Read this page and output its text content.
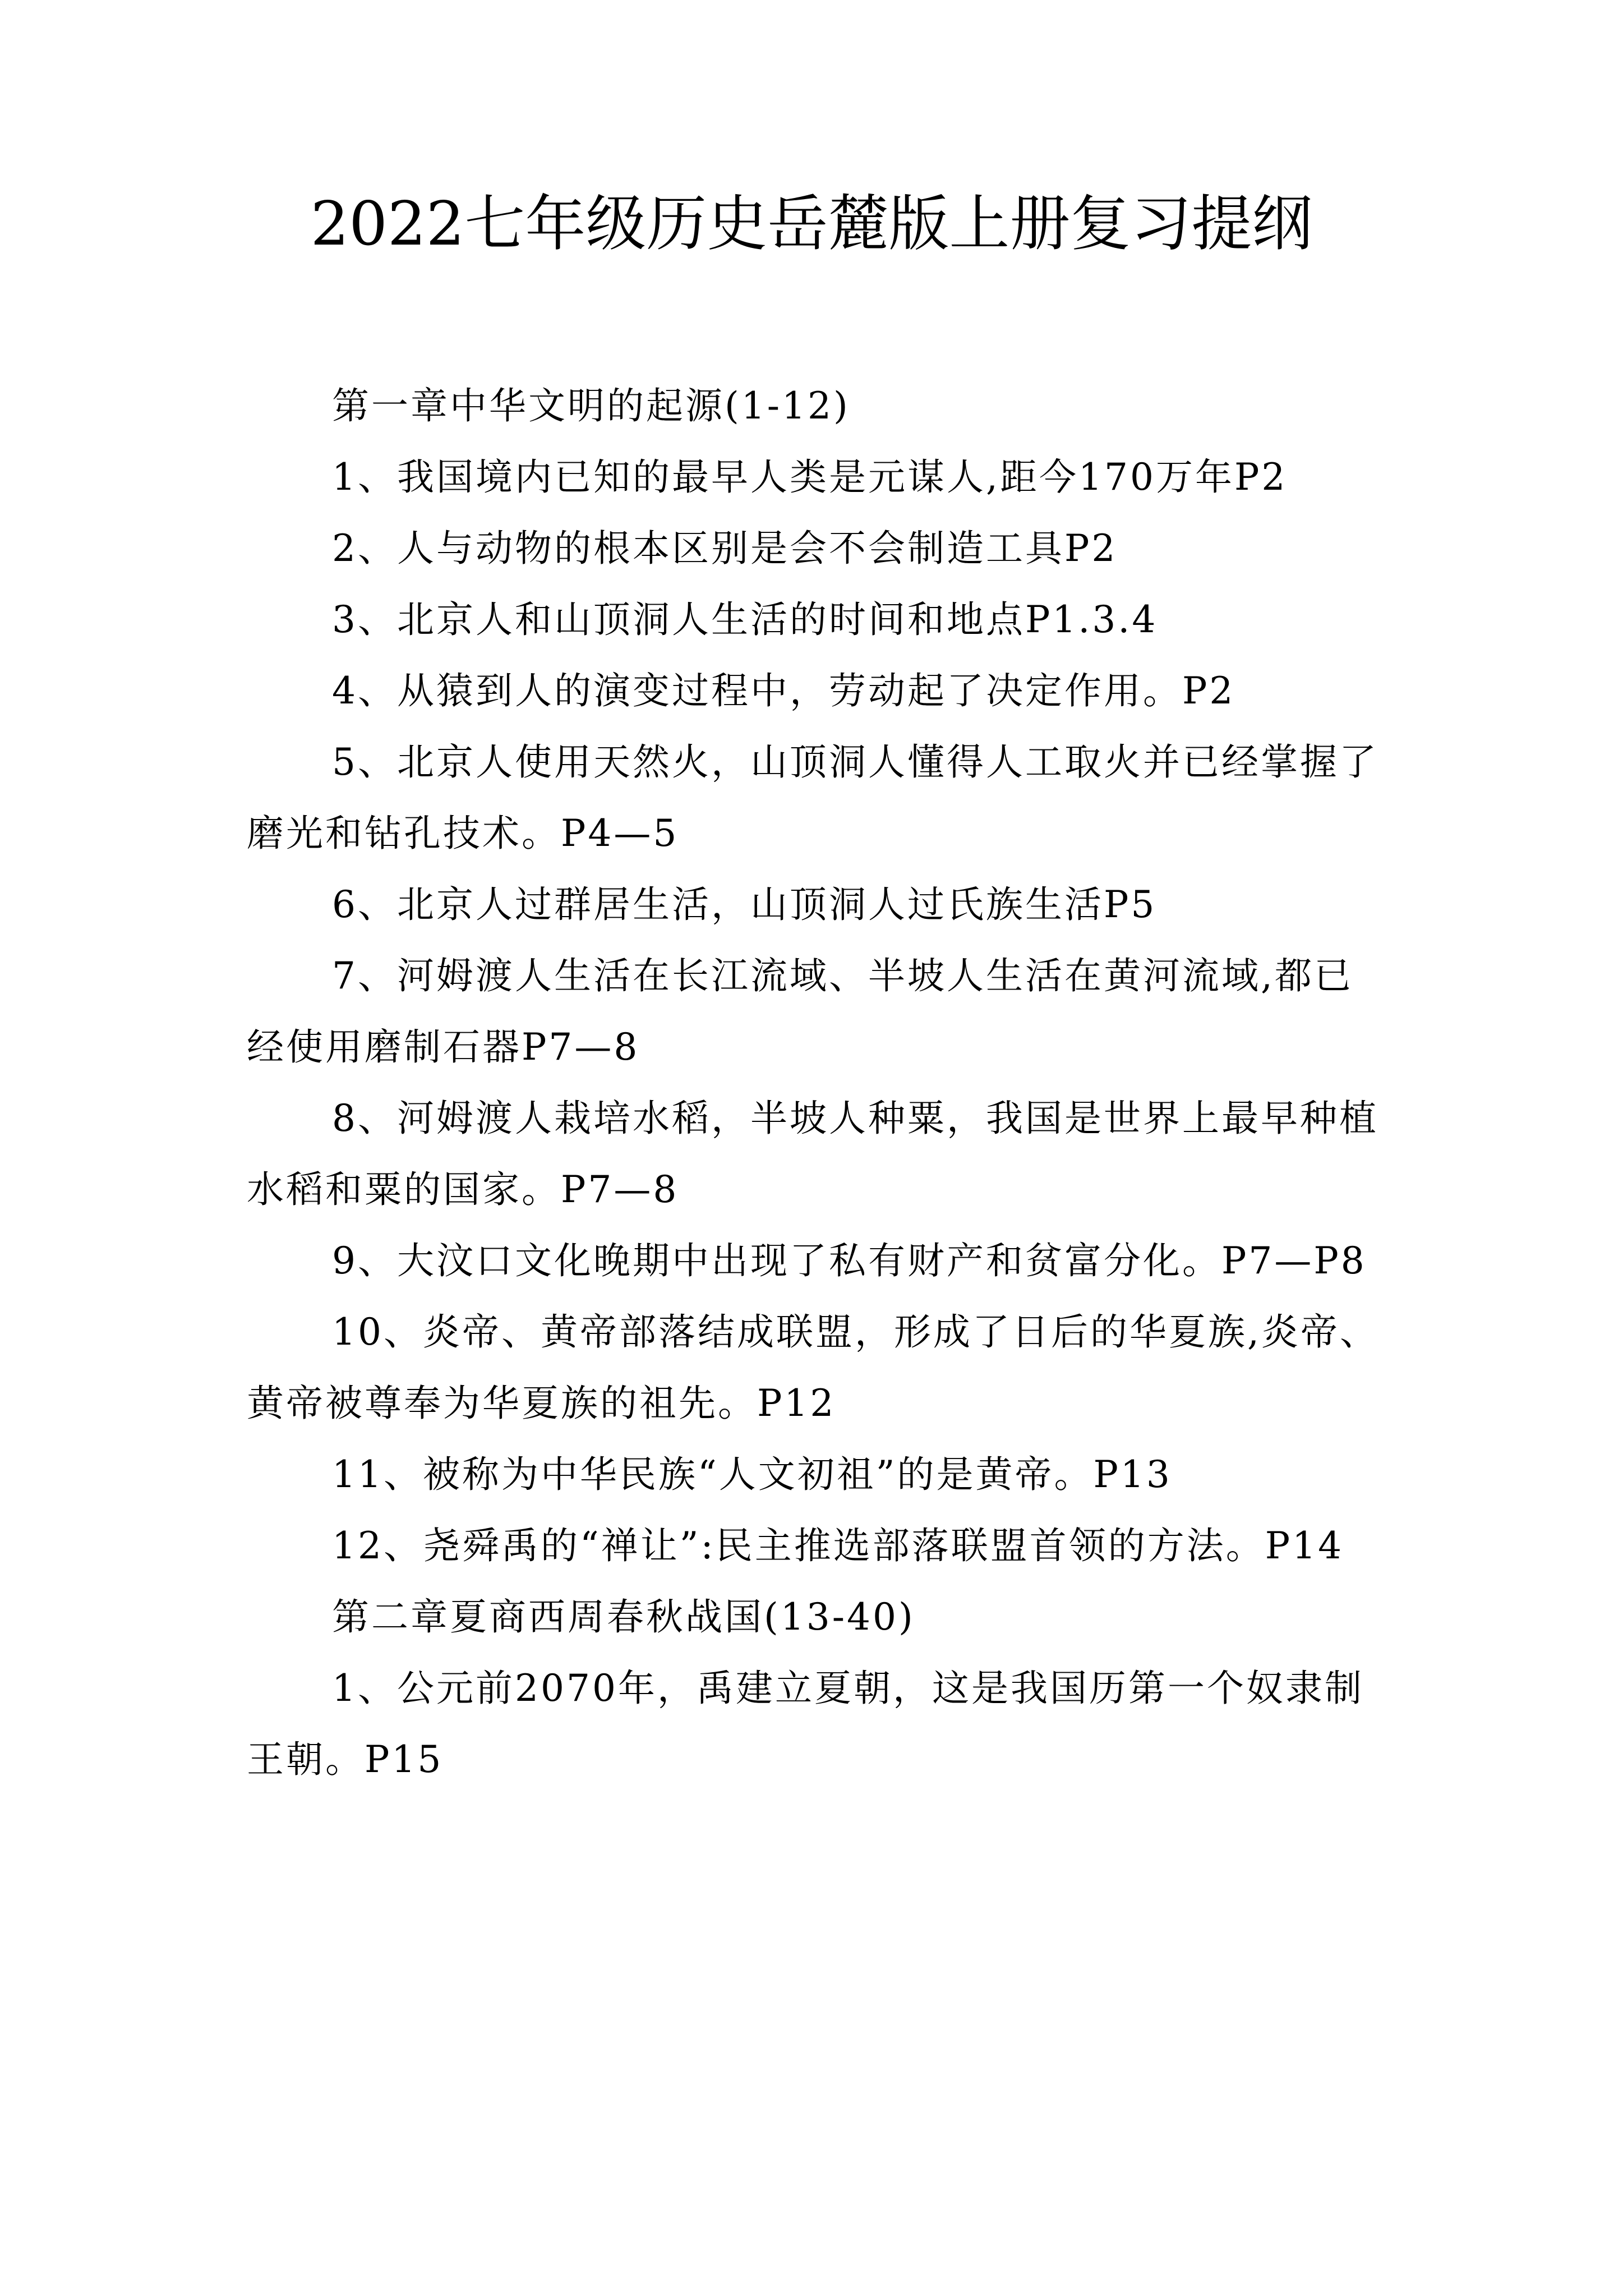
2022七年级历史岳麓版上册复习提纲

第一章中华文明的起源(1-12)

1、我国境内已知的最早人类是元谋人,距今170万年P2

2、人与动物的根本区别是会不会制造工具P2

3、北京人和山顶洞人生活的时间和地点P1.3.4

4、从猿到人的演变过程中，劳动起了决定作用。P2

5、北京人使用天然火，山顶洞人懂得人工取火并已经掌握了磨光和钻孔技术。P4—5

6、北京人过群居生活，山顶洞人过氏族生活P5

7、河姆渡人生活在长江流域、半坡人生活在黄河流域,都已经使用磨制石器P7—8

8、河姆渡人栽培水稻，半坡人种粟，我国是世界上最早种植水稻和粟的国家。P7—8

9、大汶口文化晚期中出现了私有财产和贫富分化。P7—P8

10、炎帝、黄帝部落结成联盟，形成了日后的华夏族,炎帝、黄帝被尊奉为华夏族的祖先。P12

11、被称为中华民族“人文初祖”的是黄帝。P13

12、尧舜禹的“禅让”:民主推选部落联盟首领的方法。P14

第二章夏商西周春秋战国(13-40)

1、公元前2070年，禹建立夏朝，这是我国历第一个奴隶制王朝。P15
